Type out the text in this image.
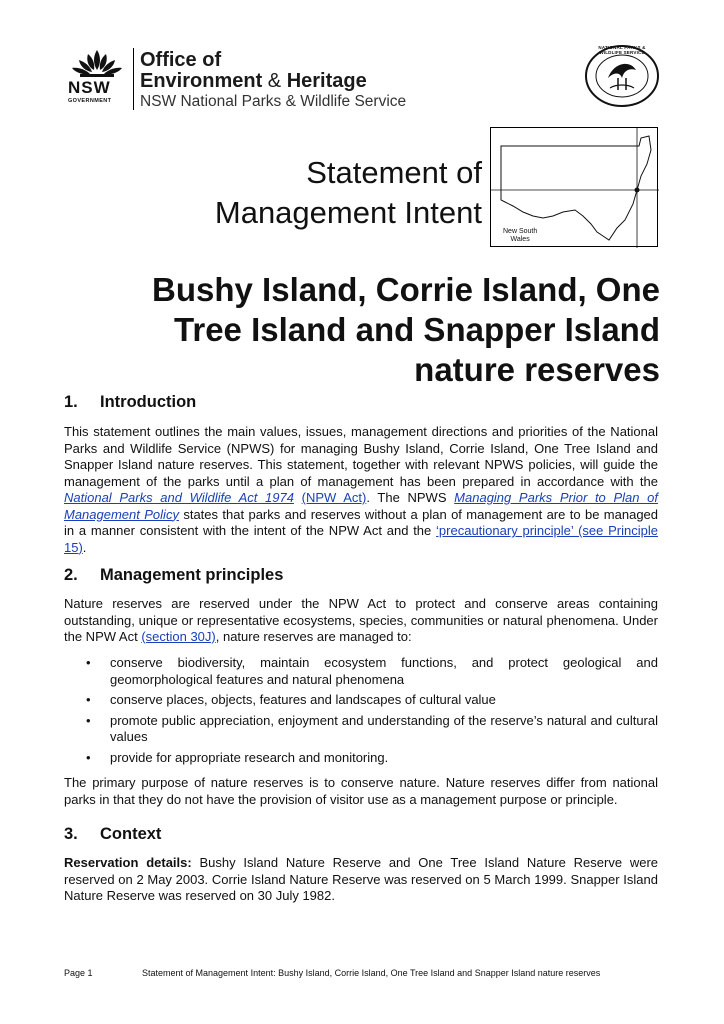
NSW
GOVERNMENT
Office of
Environment & Heritage
NSW National Parks & Wildlife Service
NATIONAL PARKS & WILDLIFE SERVICE
Statement of
Management Intent
New South
Wales
Bushy Island, Corrie Island, One
Tree Island and Snapper Island
nature reserves
1. Introduction
This statement outlines the main values, issues, management directions and priorities of the National Parks and Wildlife Service (NPWS) for managing Bushy Island, Corrie Island, One Tree Island and Snapper Island nature reserves. This statement, together with relevant NPWS policies, will guide the management of the parks until a plan of management has been prepared in accordance with the National Parks and Wildlife Act 1974 (NPW Act). The NPWS Managing Parks Prior to Plan of Management Policy states that parks and reserves without a plan of management are to be managed in a manner consistent with the intent of the NPW Act and the ‘precautionary principle’ (see Principle 15).
2. Management principles
Nature reserves are reserved under the NPW Act to protect and conserve areas containing outstanding, unique or representative ecosystems, species, communities or natural phenomena. Under the NPW Act (section 30J), nature reserves are managed to:
• conserve biodiversity, maintain ecosystem functions, and protect geological and geomorphological features and natural phenomena
• conserve places, objects, features and landscapes of cultural value
• promote public appreciation, enjoyment and understanding of the reserve’s natural and cultural values
• provide for appropriate research and monitoring.
The primary purpose of nature reserves is to conserve nature. Nature reserves differ from national parks in that they do not have the provision of visitor use as a management purpose or principle.
3. Context
Reservation details: Bushy Island Nature Reserve and One Tree Island Nature Reserve were reserved on 2 May 2003. Corrie Island Nature Reserve was reserved on 5 March 1999. Snapper Island Nature Reserve was reserved on 30 July 1982.
Page 1	Statement of Management Intent: Bushy Island, Corrie Island, One Tree Island and Snapper Island nature reserves
